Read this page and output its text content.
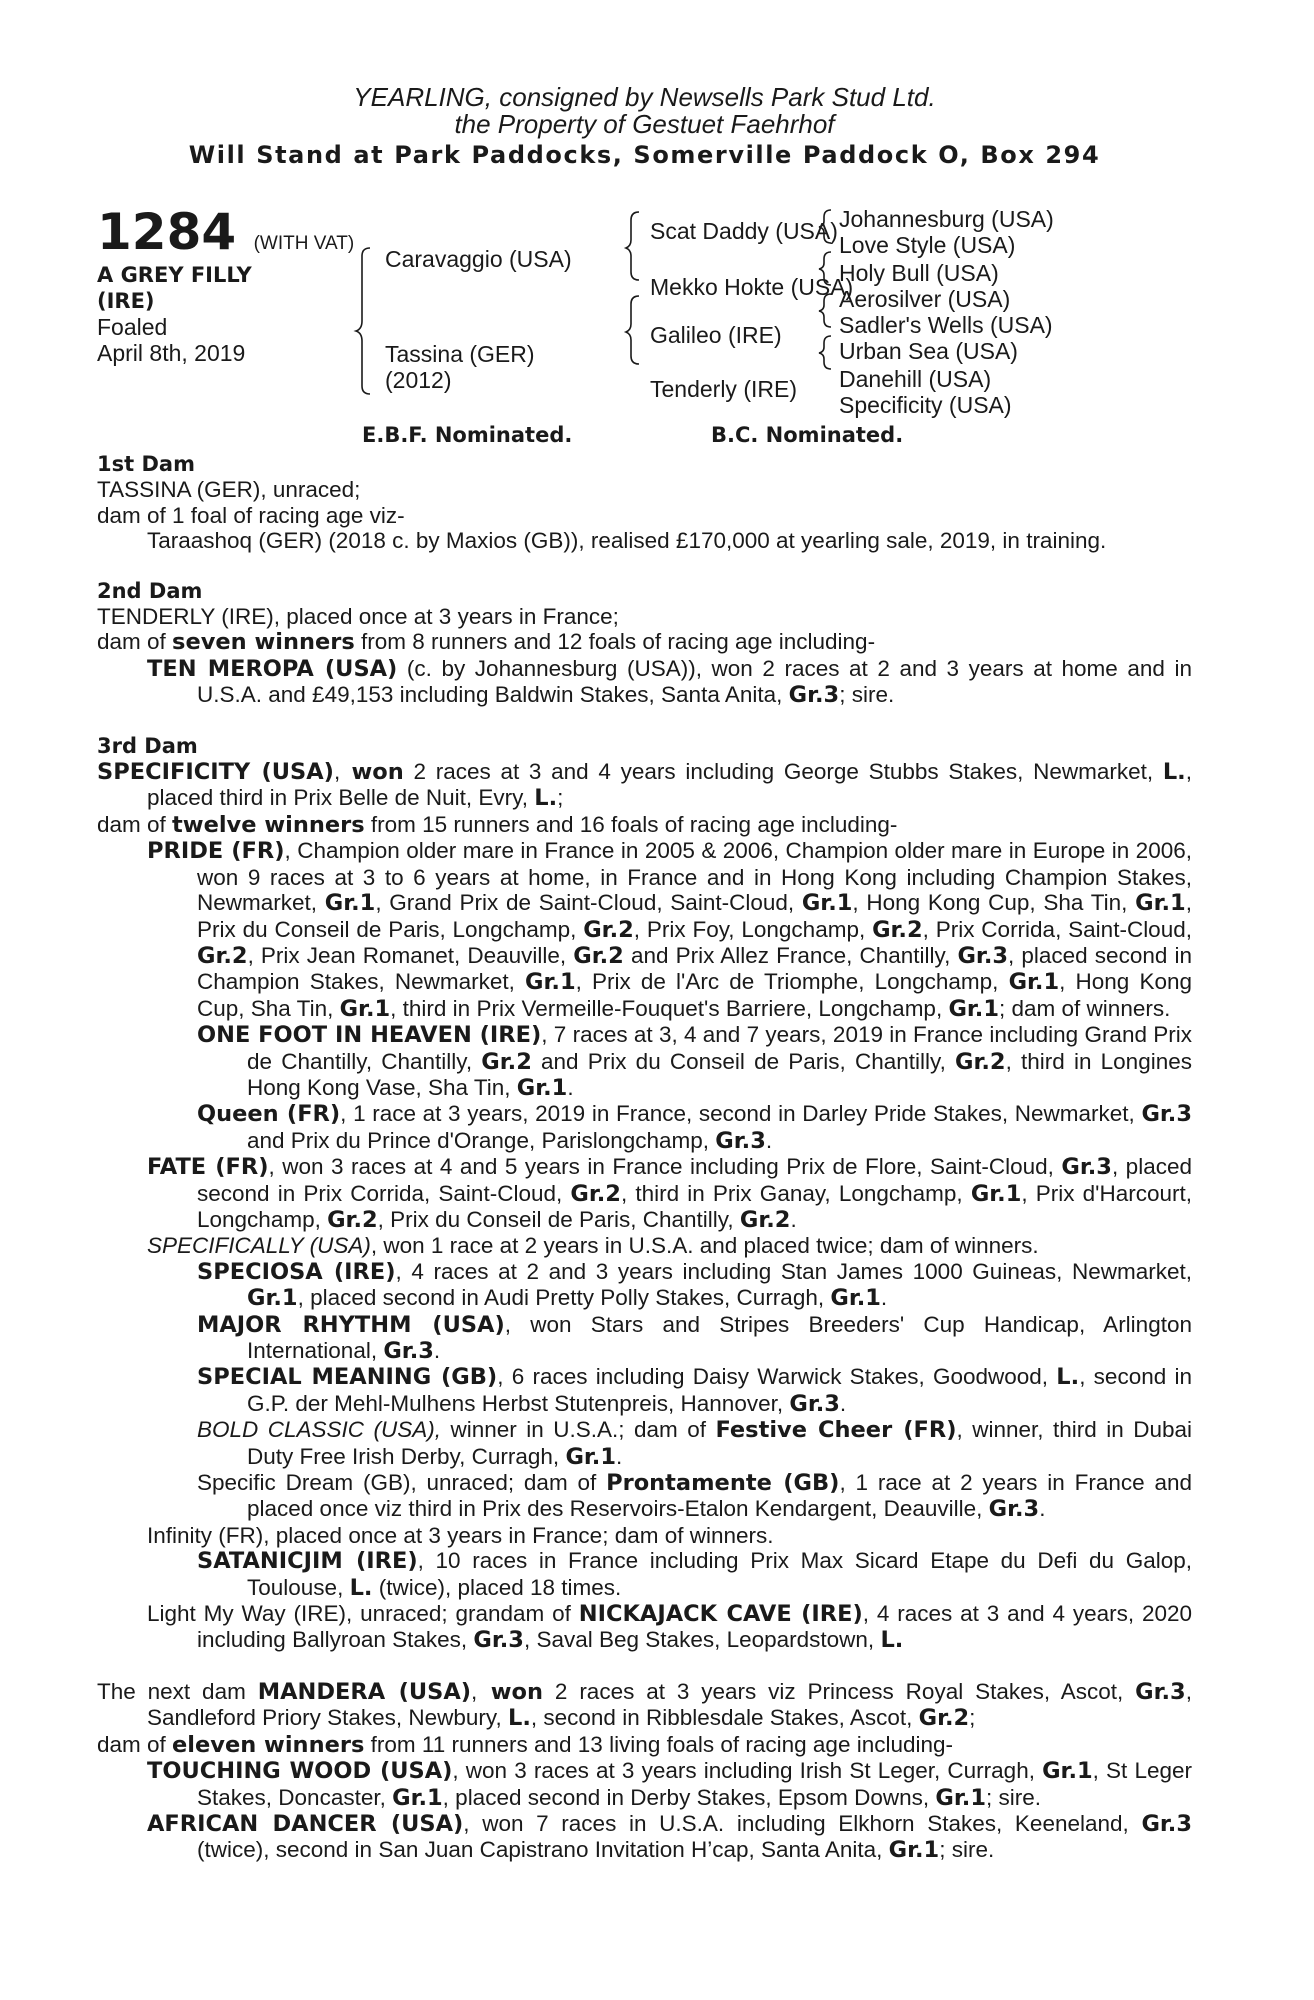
YEARLING, consigned by Newsells Park Stud Ltd.
the Property of Gestuet Faehrhof
Will Stand at Park Paddocks, Somerville Paddock O, Box 294
1284 (WITH VAT)
A GREY FILLY
(IRE)
Foaled
April 8th, 2019
Caravaggio (USA)
Tassina (GER)
(2012)
Scat Daddy (USA)
Mekko Hokte (USA)
Galileo (IRE)
Tenderly (IRE)
Johannesburg (USA)
Love Style (USA)
Holy Bull (USA)
Aerosilver (USA)
Sadler's Wells (USA)
Urban Sea (USA)
Danehill (USA)
Specificity (USA)
E.B.F. Nominated.	B.C. Nominated.
1st Dam

TASSINA (GER), unraced;

dam of 1 foal of racing age viz-

Taraashoq (GER) (2018 c. by Maxios (GB)), realised £170,000 at yearling sale, 2019, in training.

2nd Dam

TENDERLY (IRE), placed once at 3 years in France;

dam of seven winners from 8 runners and 12 foals of racing age including-

TEN MEROPA (USA) (c. by Johannesburg (USA)), won 2 races at 2 and 3 years at home and in U.S.A. and £49,153 including Baldwin Stakes, Santa Anita, Gr.3; sire.

3rd Dam

SPECIFICITY (USA), won 2 races at 3 and 4 years including George Stubbs Stakes, Newmarket, L., placed third in Prix Belle de Nuit, Evry, L.;

dam of twelve winners from 15 runners and 16 foals of racing age including-

PRIDE (FR), Champion older mare in France in 2005 & 2006, Champion older mare in Europe in 2006, won 9 races at 3 to 6 years at home, in France and in Hong Kong including Champion Stakes, Newmarket, Gr.1, Grand Prix de Saint-Cloud, Saint-Cloud, Gr.1, Hong Kong Cup, Sha Tin, Gr.1, Prix du Conseil de Paris, Longchamp, Gr.2, Prix Foy, Longchamp, Gr.2, Prix Corrida, Saint-Cloud, Gr.2, Prix Jean Romanet, Deauville, Gr.2 and Prix Allez France, Chantilly, Gr.3, placed second in Champion Stakes, Newmarket, Gr.1, Prix de l'Arc de Triomphe, Longchamp, Gr.1, Hong Kong Cup, Sha Tin, Gr.1, third in Prix Vermeille-Fouquet's Barriere, Longchamp, Gr.1; dam of winners.

ONE FOOT IN HEAVEN (IRE), 7 races at 3, 4 and 7 years, 2019 in France including Grand Prix de Chantilly, Chantilly, Gr.2 and Prix du Conseil de Paris, Chantilly, Gr.2, third in Longines Hong Kong Vase, Sha Tin, Gr.1.

Queen (FR), 1 race at 3 years, 2019 in France, second in Darley Pride Stakes, Newmarket, Gr.3 and Prix du Prince d'Orange, Parislongchamp, Gr.3.

FATE (FR), won 3 races at 4 and 5 years in France including Prix de Flore, Saint-Cloud, Gr.3, placed second in Prix Corrida, Saint-Cloud, Gr.2, third in Prix Ganay, Longchamp, Gr.1, Prix d'Harcourt, Longchamp, Gr.2, Prix du Conseil de Paris, Chantilly, Gr.2.

SPECIFICALLY (USA), won 1 race at 2 years in U.S.A. and placed twice; dam of winners.

SPECIOSA (IRE), 4 races at 2 and 3 years including Stan James 1000 Guineas, Newmarket, Gr.1, placed second in Audi Pretty Polly Stakes, Curragh, Gr.1.

MAJOR RHYTHM (USA), won Stars and Stripes Breeders' Cup Handicap, Arlington International, Gr.3.

SPECIAL MEANING (GB), 6 races including Daisy Warwick Stakes, Goodwood, L., second in G.P. der Mehl-Mulhens Herbst Stutenpreis, Hannover, Gr.3.

BOLD CLASSIC (USA), winner in U.S.A.; dam of Festive Cheer (FR), winner, third in Dubai Duty Free Irish Derby, Curragh, Gr.1.

Specific Dream (GB), unraced; dam of Prontamente (GB), 1 race at 2 years in France and placed once viz third in Prix des Reservoirs-Etalon Kendargent, Deauville, Gr.3.

Infinity (FR), placed once at 3 years in France; dam of winners.

SATANICJIM (IRE), 10 races in France including Prix Max Sicard Etape du Defi du Galop, Toulouse, L. (twice), placed 18 times.

Light My Way (IRE), unraced; grandam of NICKAJACK CAVE (IRE), 4 races at 3 and 4 years, 2020 including Ballyroan Stakes, Gr.3, Saval Beg Stakes, Leopardstown, L.

The next dam MANDERA (USA), won 2 races at 3 years viz Princess Royal Stakes, Ascot, Gr.3, Sandleford Priory Stakes, Newbury, L., second in Ribblesdale Stakes, Ascot, Gr.2;

dam of eleven winners from 11 runners and 13 living foals of racing age including-

TOUCHING WOOD (USA), won 3 races at 3 years including Irish St Leger, Curragh, Gr.1, St Leger Stakes, Doncaster, Gr.1, placed second in Derby Stakes, Epsom Downs, Gr.1; sire.

AFRICAN DANCER (USA), won 7 races in U.S.A. including Elkhorn Stakes, Keeneland, Gr.3 (twice), second in San Juan Capistrano Invitation H’cap, Santa Anita, Gr.1; sire.
